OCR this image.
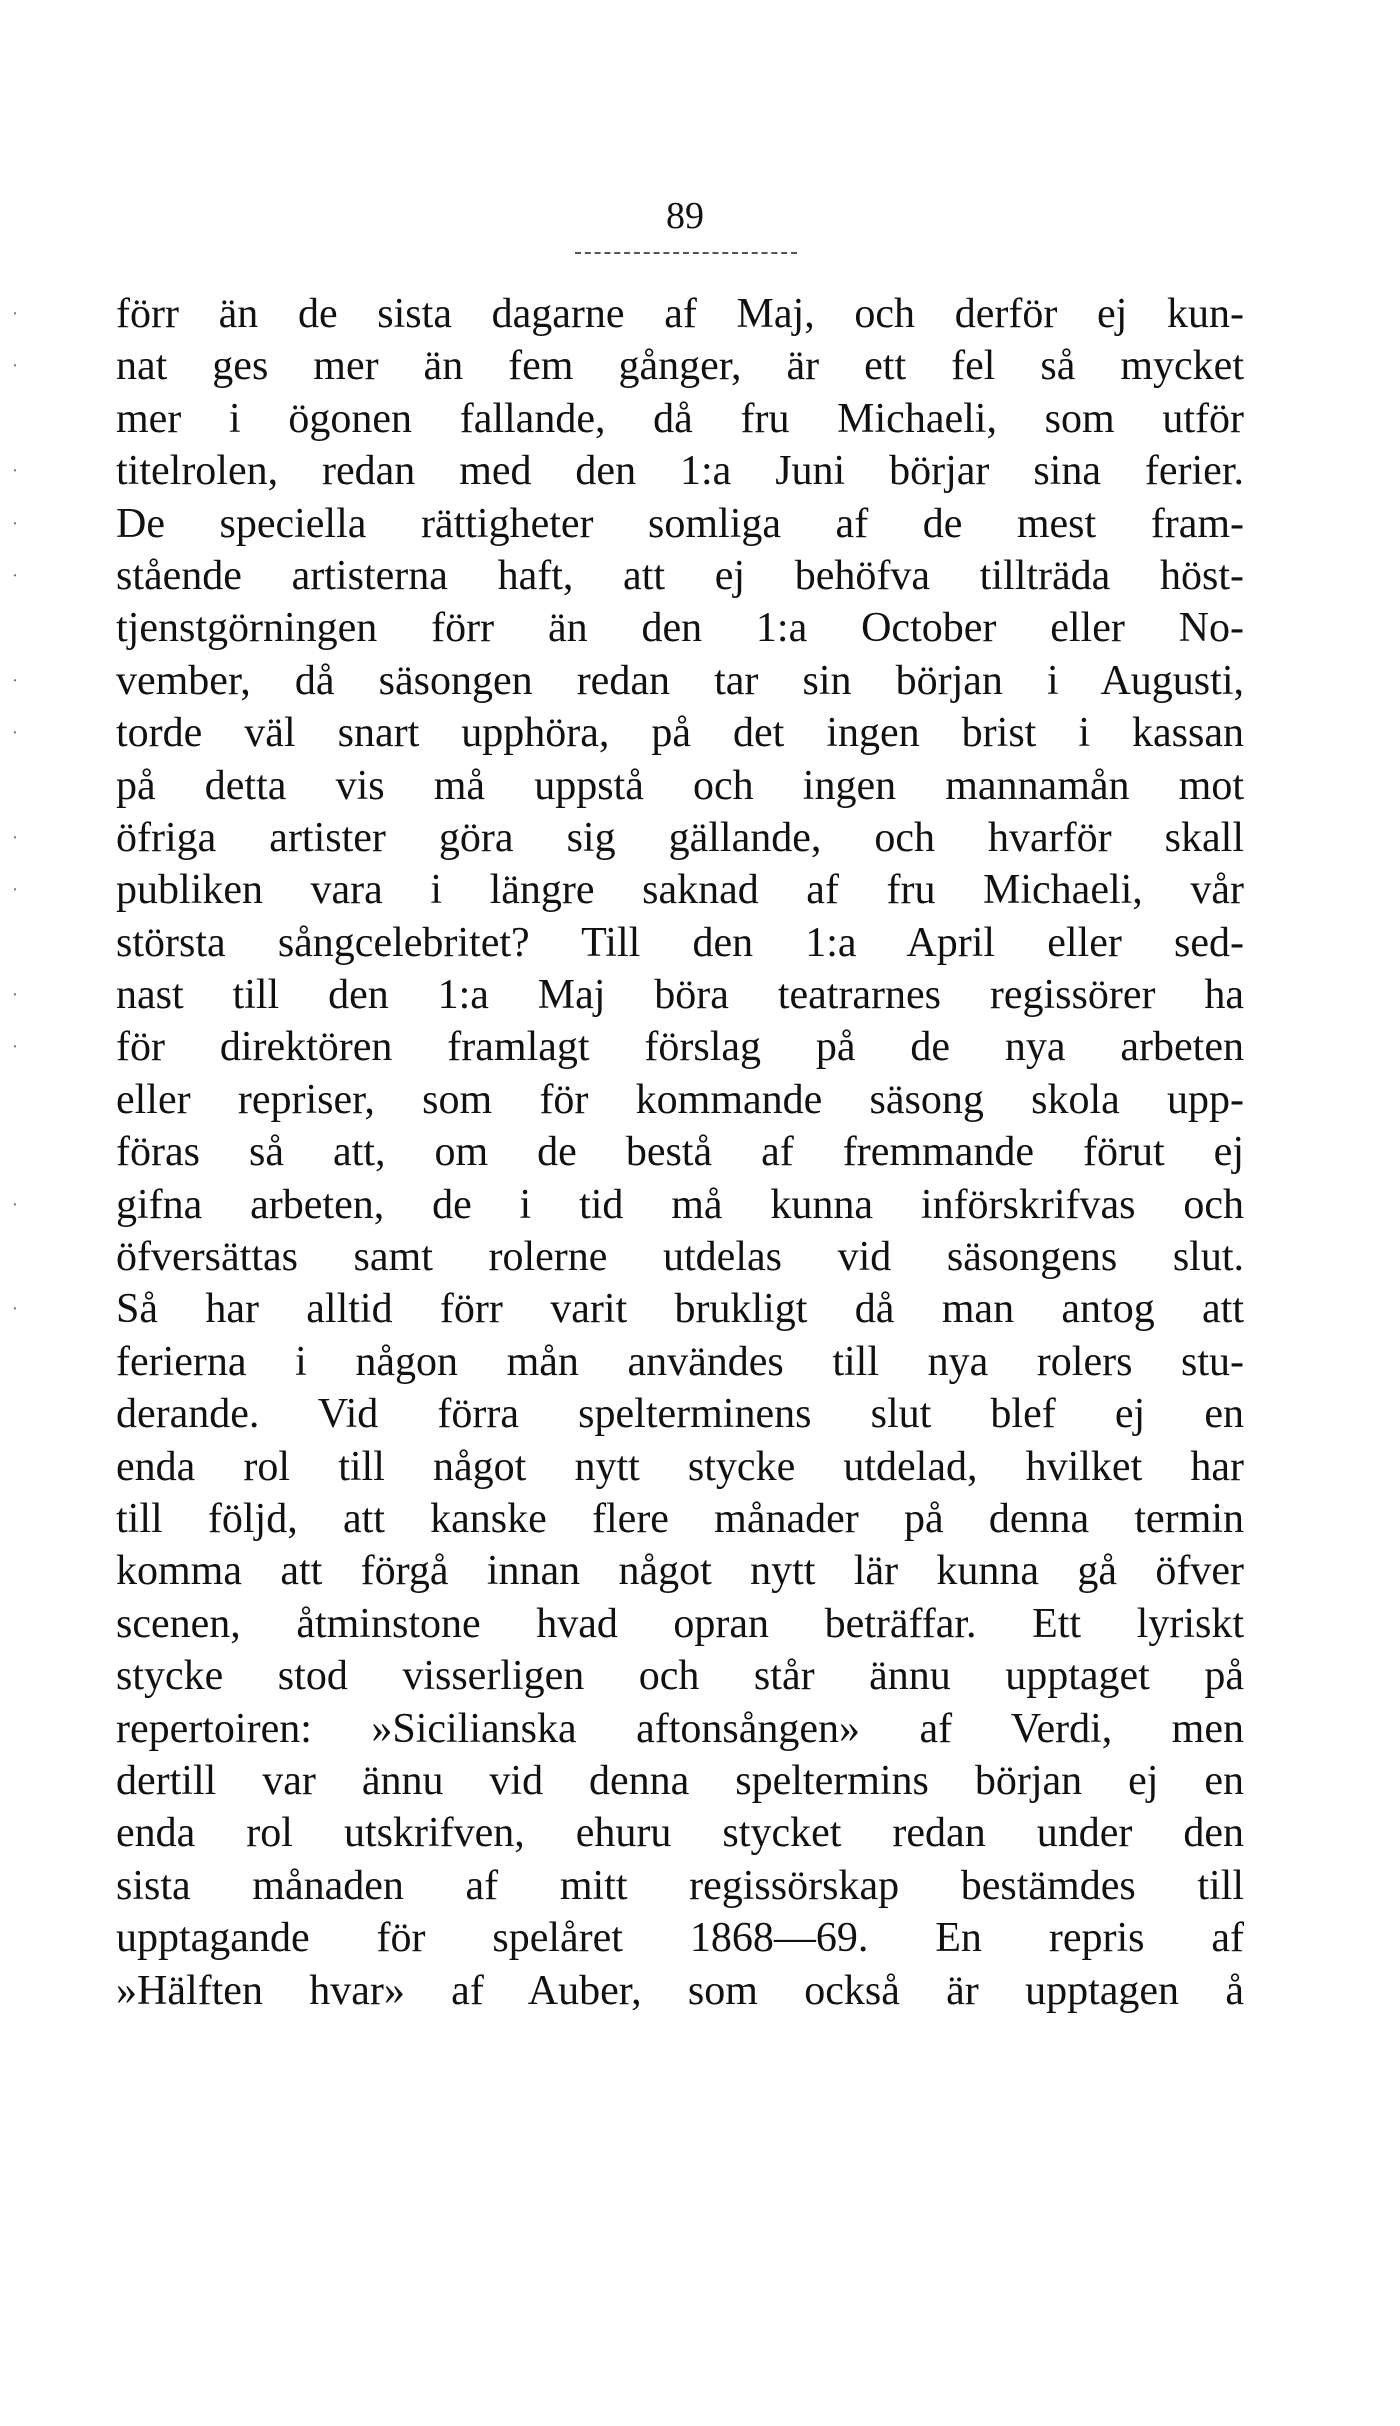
89
·
·
·
·
·
·
·
·
·
·
·
·
·
förr än de sista dagarne af Maj, och derför ej kun-
nat ges mer än fem gånger, är ett fel så mycket
mer i ögonen fallande, då fru Michaeli, som utför
titelrolen, redan med den 1:a Juni börjar sina ferier.
De speciella rättigheter somliga af de mest fram-
stående artisterna haft, att ej behöfva tillträda höst-
tjenstgörningen förr än den 1:a October eller No-
vember, då säsongen redan tar sin början i Augusti,
torde väl snart upphöra, på det ingen brist i kassan
på detta vis må uppstå och ingen mannamån mot
öfriga artister göra sig gällande, och hvarför skall
publiken vara i längre saknad af fru Michaeli, vår
största sångcelebritet? Till den 1:a April eller sed-
nast till den 1:a Maj böra teatrarnes regissörer ha
för direktören framlagt förslag på de nya arbeten
eller repriser, som för kommande säsong skola upp-
föras så att, om de bestå af fremmande förut ej
gifna arbeten, de i tid må kunna införskrifvas och
öfversättas samt rolerne utdelas vid säsongens slut.
Så har alltid förr varit brukligt då man antog att
ferierna i någon mån användes till nya rolers stu-
derande. Vid förra spelterminens slut blef ej en
enda rol till något nytt stycke utdelad, hvilket har
till följd, att kanske flere månader på denna termin
komma att förgå innan något nytt lär kunna gå öfver
scenen, åtminstone hvad opran beträffar. Ett lyriskt
stycke stod visserligen och står ännu upptaget på
repertoiren: »Sicilianska aftonsången» af Verdi, men
dertill var ännu vid denna speltermins början ej en
enda rol utskrifven, ehuru stycket redan under den
sista månaden af mitt regissörskap bestämdes till
upptagande för spelåret 1868—69. En repris af
»Hälften hvar» af Auber, som också är upptagen å
